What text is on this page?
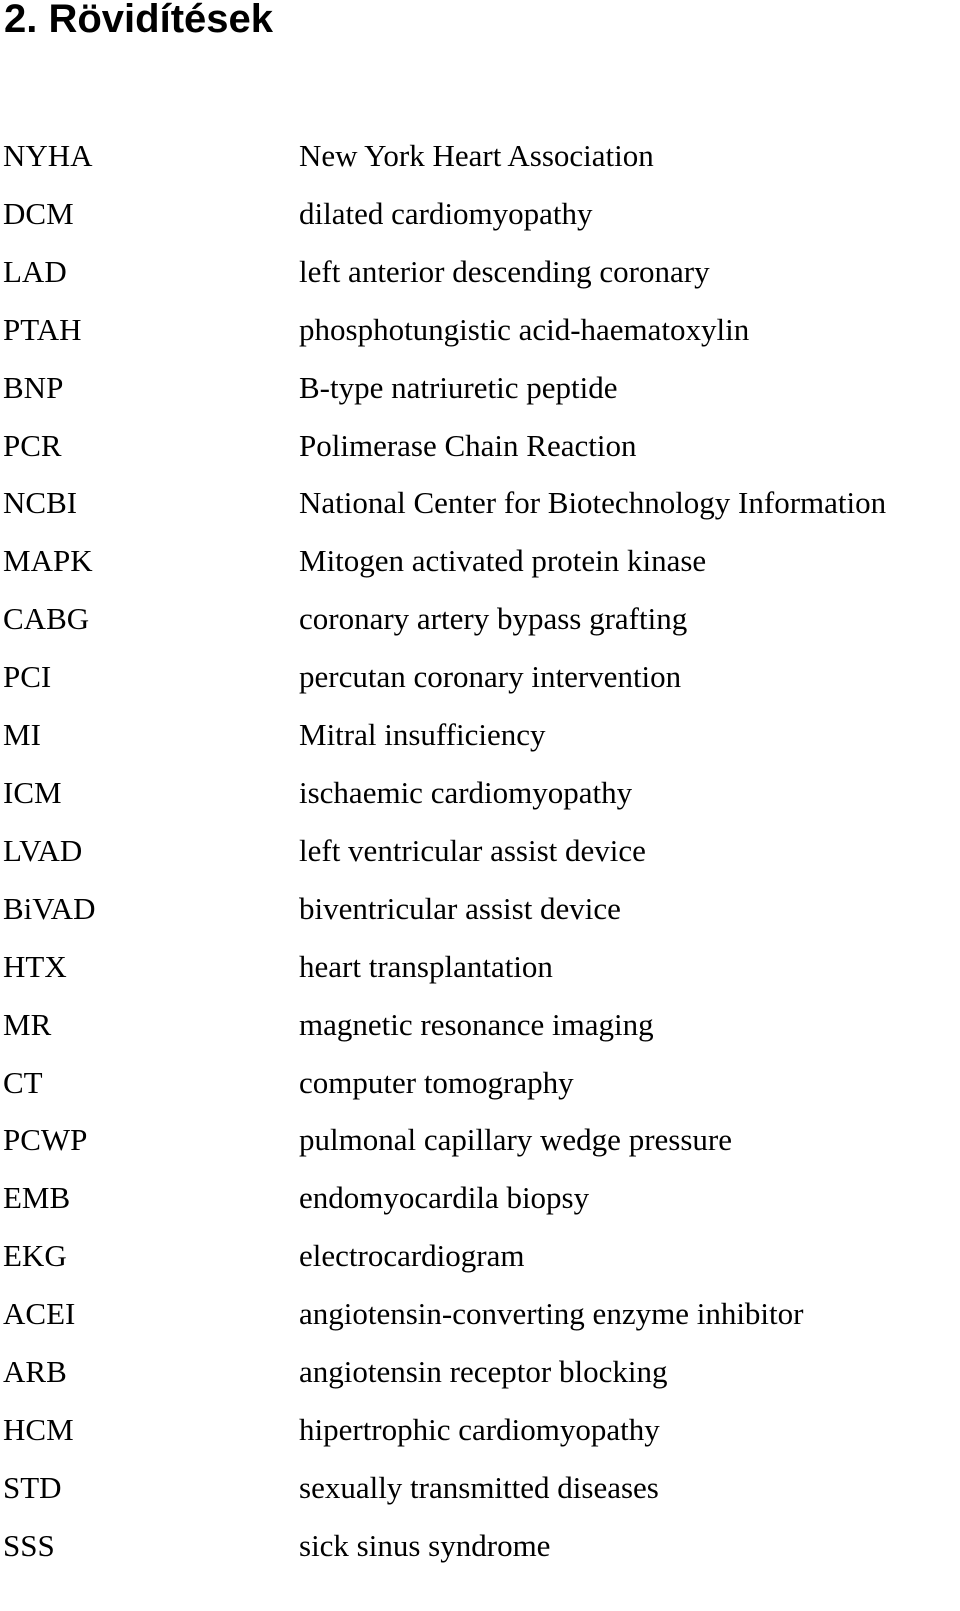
2. Rövidítések
NYHA	New York Heart Association
DCM	dilated cardiomyopathy
LAD	left anterior descending coronary
PTAH	phosphotungistic acid-haematoxylin
BNP	B-type natriuretic peptide
PCR	Polimerase Chain Reaction
NCBI	National Center for Biotechnology Information
MAPK	Mitogen activated protein kinase
CABG	coronary artery bypass grafting
PCI	percutan coronary intervention
MI	Mitral insufficiency
ICM	ischaemic cardiomyopathy
LVAD	left ventricular assist device
BiVAD	biventricular assist device
HTX	heart transplantation
MR	magnetic resonance imaging
CT	computer tomography
PCWP	pulmonal capillary wedge pressure
EMB	endomyocardila biopsy
EKG	electrocardiogram
ACEI	angiotensin-converting enzyme inhibitor
ARB	angiotensin receptor blocking
HCM	hipertrophic cardiomyopathy
STD	sexually transmitted diseases
SSS	sick sinus syndrome
